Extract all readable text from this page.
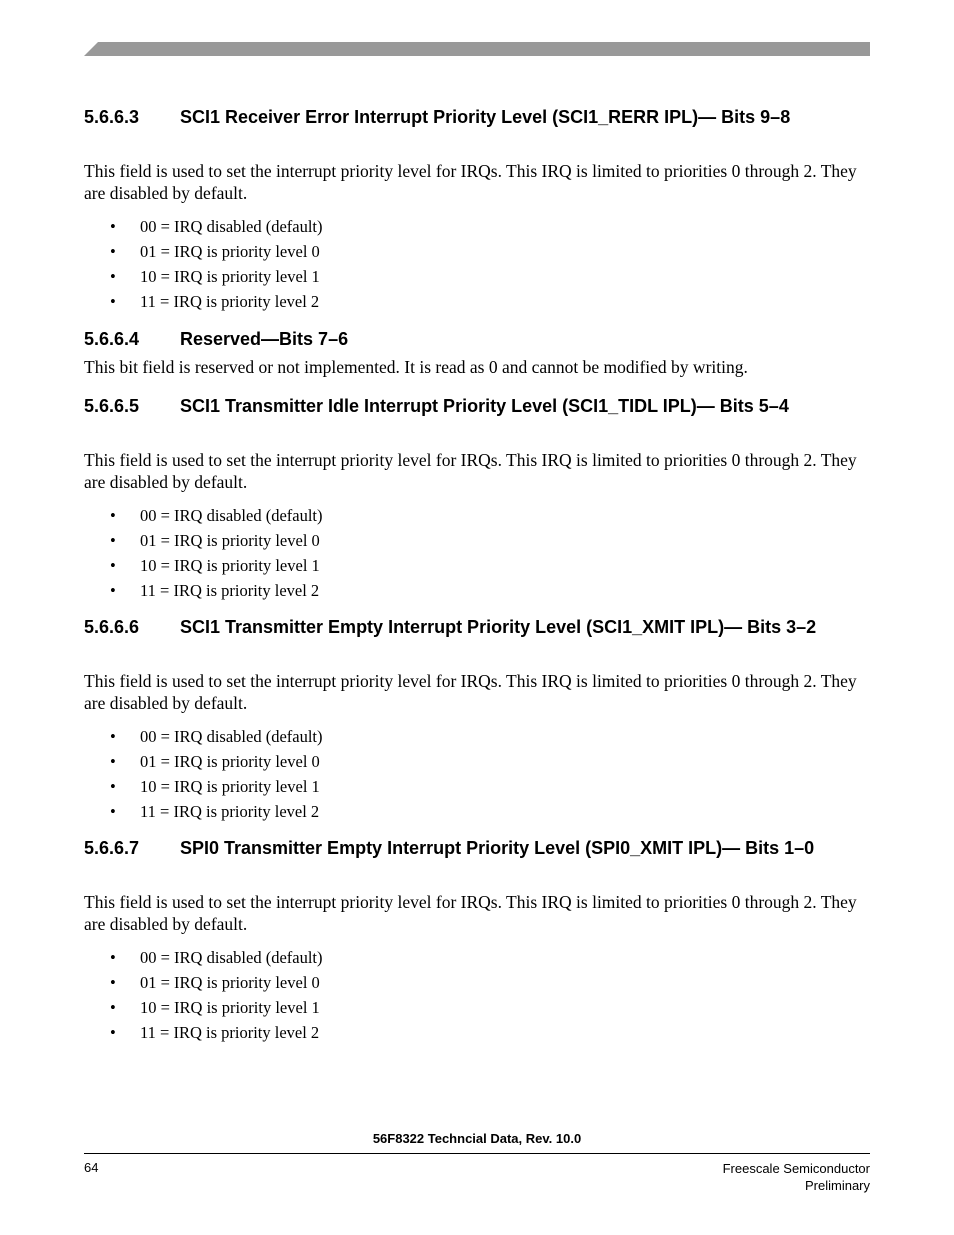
5.6.6.3 SCI1 Receiver Error Interrupt Priority Level (SCI1_RERR IPL)— Bits 9–8
This field is used to set the interrupt priority level for IRQs. This IRQ is limited to priorities 0 through 2. They are disabled by default.
• 00 = IRQ disabled (default)
• 01 = IRQ is priority level 0
• 10 = IRQ is priority level 1
• 11 = IRQ is priority level 2
5.6.6.4 Reserved—Bits 7–6
This bit field is reserved or not implemented. It is read as 0 and cannot be modified by writing.
5.6.6.5 SCI1 Transmitter Idle Interrupt Priority Level (SCI1_TIDL IPL)— Bits 5–4
This field is used to set the interrupt priority level for IRQs. This IRQ is limited to priorities 0 through 2. They are disabled by default.
• 00 = IRQ disabled (default)
• 01 = IRQ is priority level 0
• 10 = IRQ is priority level 1
• 11 = IRQ is priority level 2
5.6.6.6 SCI1 Transmitter Empty Interrupt Priority Level (SCI1_XMIT IPL)— Bits 3–2
This field is used to set the interrupt priority level for IRQs. This IRQ is limited to priorities 0 through 2. They are disabled by default.
• 00 = IRQ disabled (default)
• 01 = IRQ is priority level 0
• 10 = IRQ is priority level 1
• 11 = IRQ is priority level 2
5.6.6.7 SPI0 Transmitter Empty Interrupt Priority Level (SPI0_XMIT IPL)— Bits 1–0
This field is used to set the interrupt priority level for IRQs. This IRQ is limited to priorities 0 through 2. They are disabled by default.
• 00 = IRQ disabled (default)
• 01 = IRQ is priority level 0
• 10 = IRQ is priority level 1
• 11 = IRQ is priority level 2
56F8322 Techncial Data, Rev. 10.0
64	Freescale Semiconductor
Preliminary
